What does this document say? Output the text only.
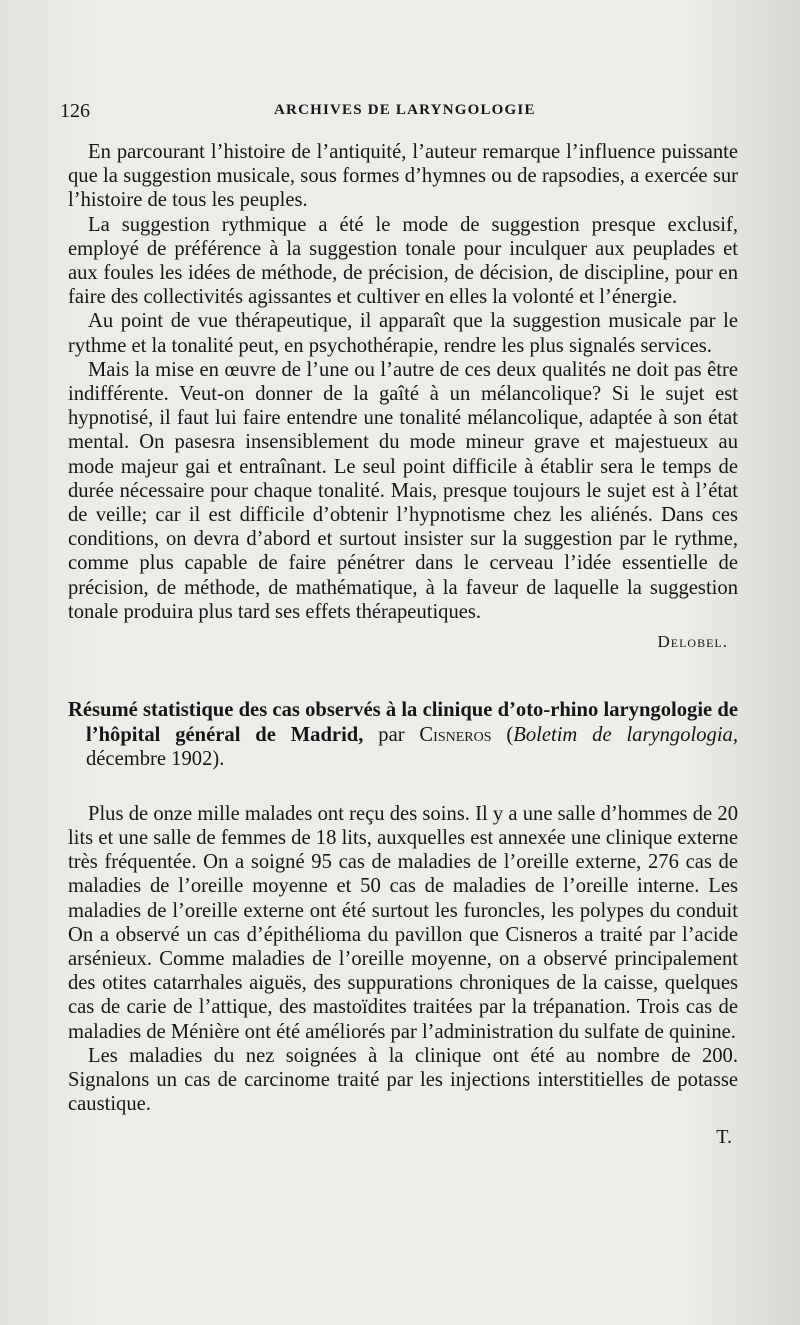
126	ARCHIVES DE LARYNGOLOGIE

En parcourant l’histoire de l’antiquité, l’auteur remarque l’influence puissante que la suggestion musicale, sous formes d’hymnes ou de rapsodies, a exercée sur l’histoire de tous les peuples.

La suggestion rythmique a été le mode de suggestion presque exclusif, employé de préférence à la suggestion tonale pour inculquer aux peuplades et aux foules les idées de méthode, de précision, de décision, de discipline, pour en faire des collectivités agissantes et cultiver en elles la volonté et l’énergie.

Au point de vue thérapeutique, il apparaît que la suggestion musicale par le rythme et la tonalité peut, en psychothérapie, rendre les plus signalés services.

Mais la mise en œuvre de l’une ou l’autre de ces deux qualités ne doit pas être indifférente. Veut-on donner de la gaîté à un mélancolique? Si le sujet est hypnotisé, il faut lui faire entendre une tonalité mélancolique, adaptée à son état mental. On pasesra insensiblement du mode mineur grave et majestueux au mode majeur gai et entraînant. Le seul point difficile à établir sera le temps de durée nécessaire pour chaque tonalité. Mais, presque toujours le sujet est à l’état de veille; car il est difficile d’obtenir l’hypnotisme chez les aliénés. Dans ces conditions, on devra d’abord et surtout insister sur la suggestion par le rythme, comme plus capable de faire pénétrer dans le cerveau l’idée essentielle de précision, de méthode, de mathématique, à la faveur de laquelle la suggestion tonale produira plus tard ses effets thérapeutiques.

Delobel.
Résumé statistique des cas observés à la clinique d’oto-rhino laryngologie de l’hôpital général de Madrid, par Cisneros (Boletim de laryngologia, décembre 1902).

Plus de onze mille malades ont reçu des soins. Il y a une salle d’hommes de 20 lits et une salle de femmes de 18 lits, auxquelles est annexée une clinique externe très fréquentée. On a soigné 95 cas de maladies de l’oreille externe, 276 cas de maladies de l’oreille moyenne et 50 cas de maladies de l’oreille interne. Les maladies de l’oreille externe ont été surtout les furoncles, les polypes du conduit On a observé un cas d’épithélioma du pavillon que Cisneros a traité par l’acide arsénieux. Comme maladies de l’oreille moyenne, on a observé principalement des otites catarrhales aiguës, des suppurations chroniques de la caisse, quelques cas de carie de l’attique, des mastoïdites traitées par la trépanation. Trois cas de maladies de Ménière ont été améliorés par l’administration du sulfate de quinine.

Les maladies du nez soignées à la clinique ont été au nombre de 200. Signalons un cas de carcinome traité par les injections interstitielles de potasse caustique.

T.
